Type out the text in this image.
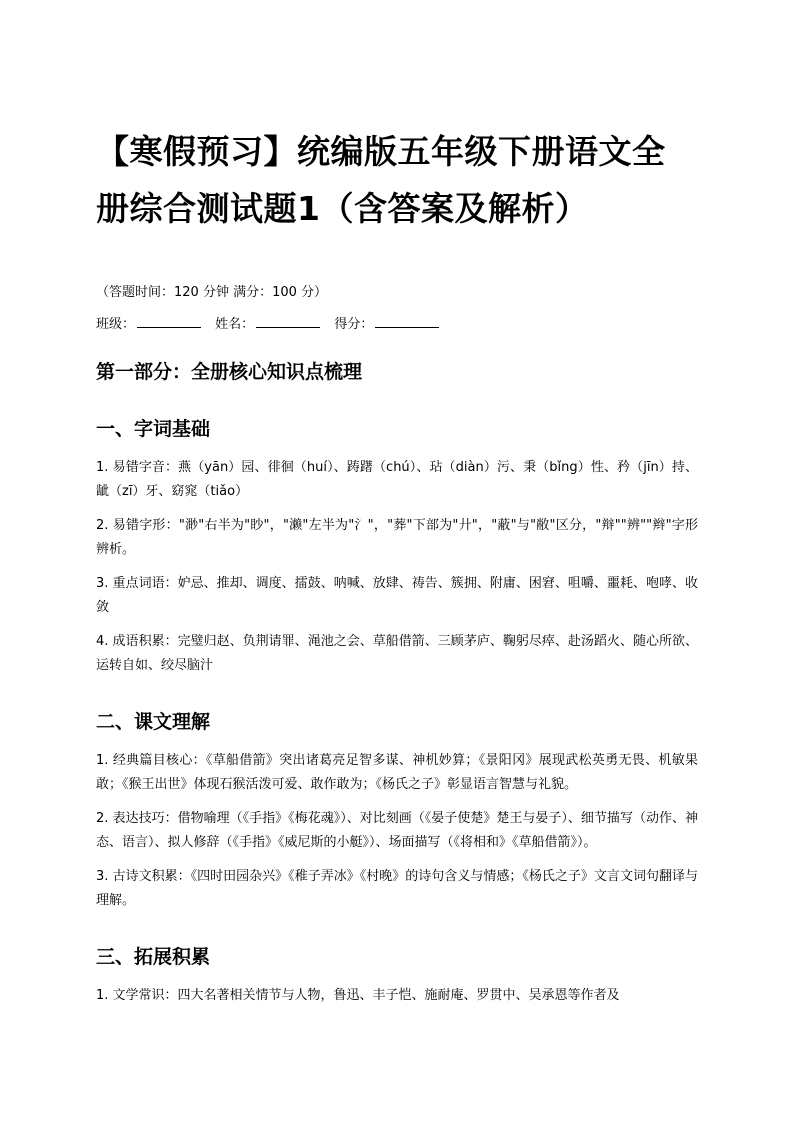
【寒假预习】统编版五年级下册语文全册综合测试题1（含答案及解析）
（答题时间：120 分钟 满分：100 分）
班级：	姓名：	得分：
第一部分：全册核心知识点梳理
一、字词基础
1. 易错字音：燕（yān）园、徘徊（huí）、踌躇（chú）、玷（diàn）污、秉（bǐng）性、矜（jīn）持、龇（zī）牙、窈窕（tiǎo）
2. 易错字形："渺"右半为"眇"，"濑"左半为"氵"，"葬"下部为"廾"，"蔽"与"敝"区分，"辩""辨""辫"字形辨析。
3. 重点词语：妒忌、推却、调度、擂鼓、呐喊、放肆、祷告、簇拥、附庸、困窘、咀嚼、噩耗、咆哮、收敛
4. 成语积累：完璧归赵、负荆请罪、渑池之会、草船借箭、三顾茅庐、鞠躬尽瘁、赴汤蹈火、随心所欲、运转自如、绞尽脑汁
二、课文理解
1. 经典篇目核心：《草船借箭》突出诸葛亮足智多谋、神机妙算；《景阳冈》展现武松英勇无畏、机敏果敢；《猴王出世》体现石猴活泼可爱、敢作敢为；《杨氏之子》彰显语言智慧与礼貌。
2. 表达技巧：借物喻理（《手指》《梅花魂》）、对比刻画（《晏子使楚》楚王与晏子）、细节描写（动作、神态、语言）、拟人修辞（《手指》《威尼斯的小艇》）、场面描写（《将相和》《草船借箭》）。
3. 古诗文积累：《四时田园杂兴》《稚子弄冰》《村晚》的诗句含义与情感；《杨氏之子》文言文词句翻译与理解。
三、拓展积累
1. 文学常识：四大名著相关情节与人物，鲁迅、丰子恺、施耐庵、罗贯中、吴承恩等作者及
